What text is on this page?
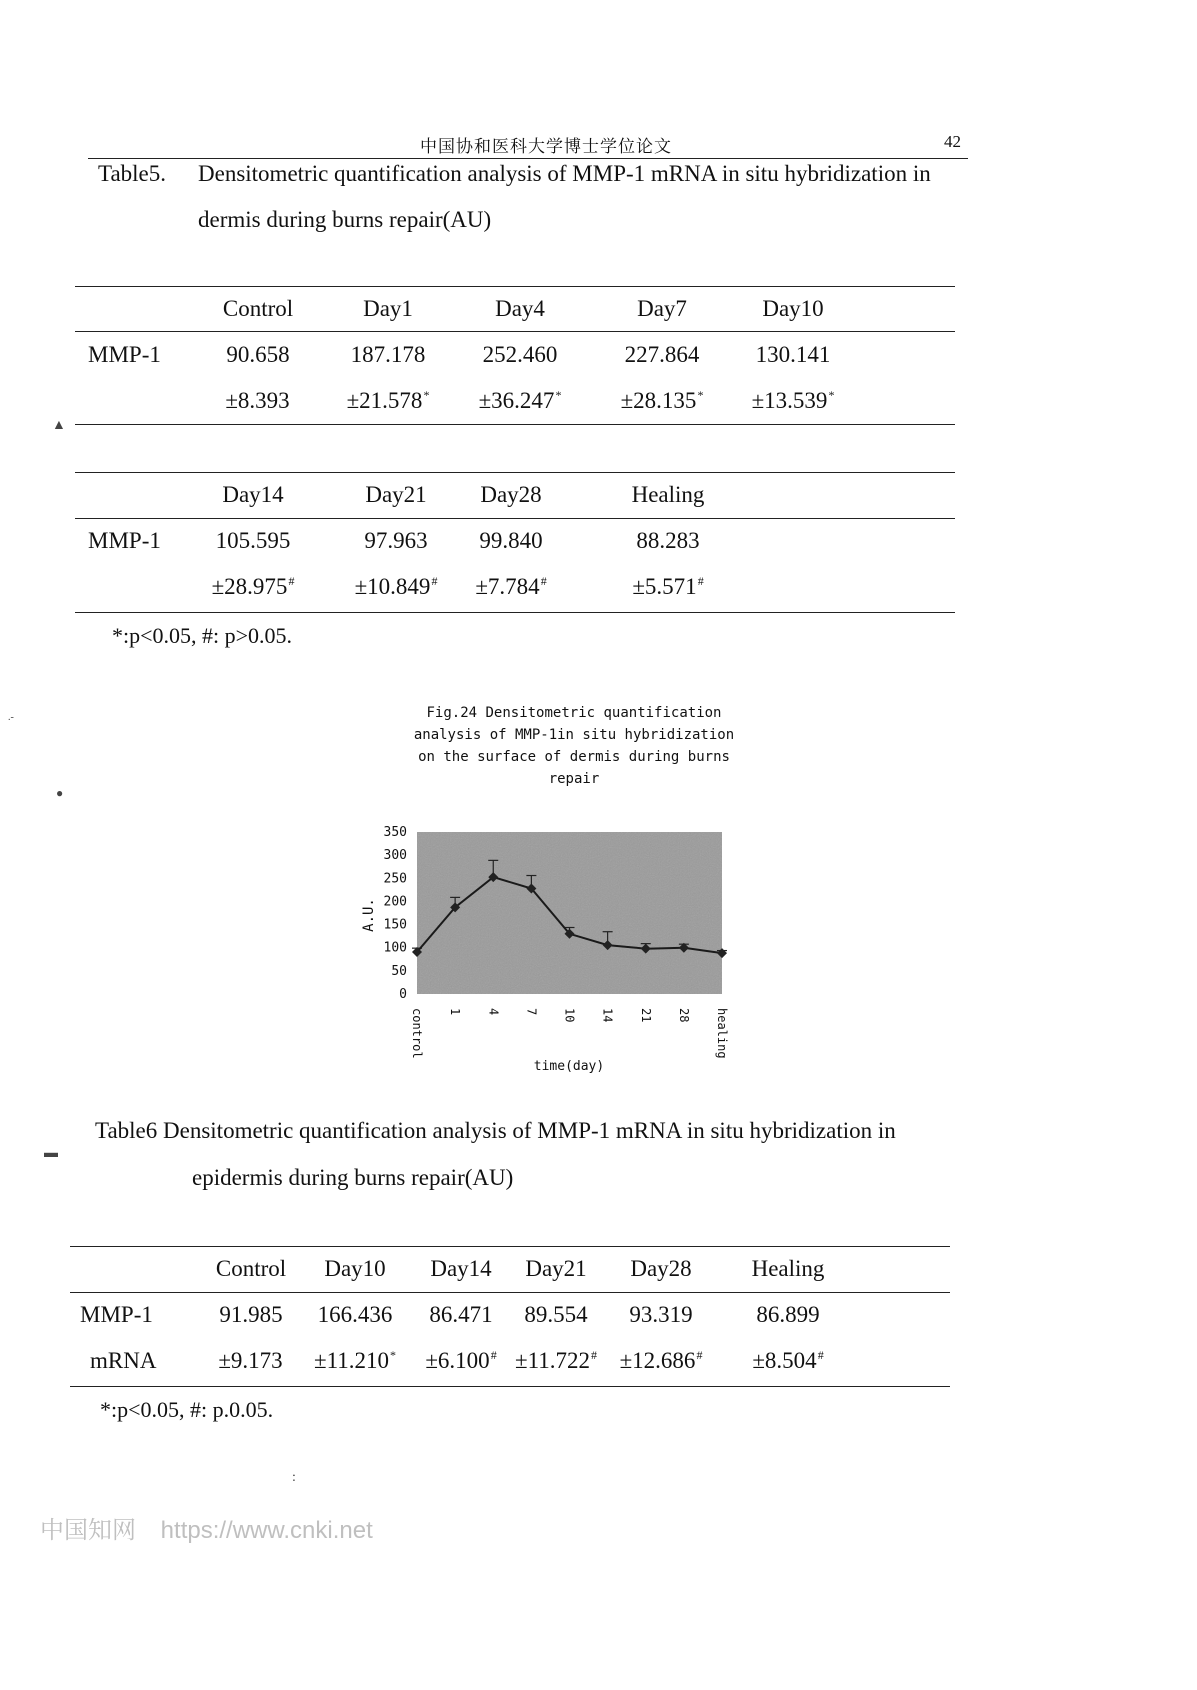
中国协和医科大学博士学位论文	42
Table5. Densitometric quantification analysis of MMP-1 mRNA in situ hybridization in
dermis during burns repair(AU)
MMP-1
Control
90.658
±8.393
Day1
187.178
±21.578*
Day4
252.460
±36.247*
Day7
227.864
±28.135*
Day10
130.141
±13.539*
MMP-1
Day14
105.595
±28.975#
Day21
97.963
±10.849#
Day28
99.840
±7.784#
Healing
88.283
±5.571#
*:p<0.05, #: p>0.05.
Fig.24 Densitometric quantification
analysis of MMP-1in situ hybridization
on the surface of dermis during burns
repair
0
50
100
150
200
250
300
350
control 1 4 7 10 14 21 28 healing
A.U.
time(day)
Table6 Densitometric quantification analysis of MMP-1 mRNA in situ hybridization in
epidermis during burns repair(AU)
MMP-1
mRNA
Control
91.985
±9.173
Day10
166.436
±11.210*
Day14
86.471
±6.100#
Day21
89.554
±11.722#
Day28
93.319
±12.686#
Healing
86.899
±8.504#
*:p<0.05, #: p.0.05.
▲
.-
●
▬
:
中国知网 https://www.cnki.net
